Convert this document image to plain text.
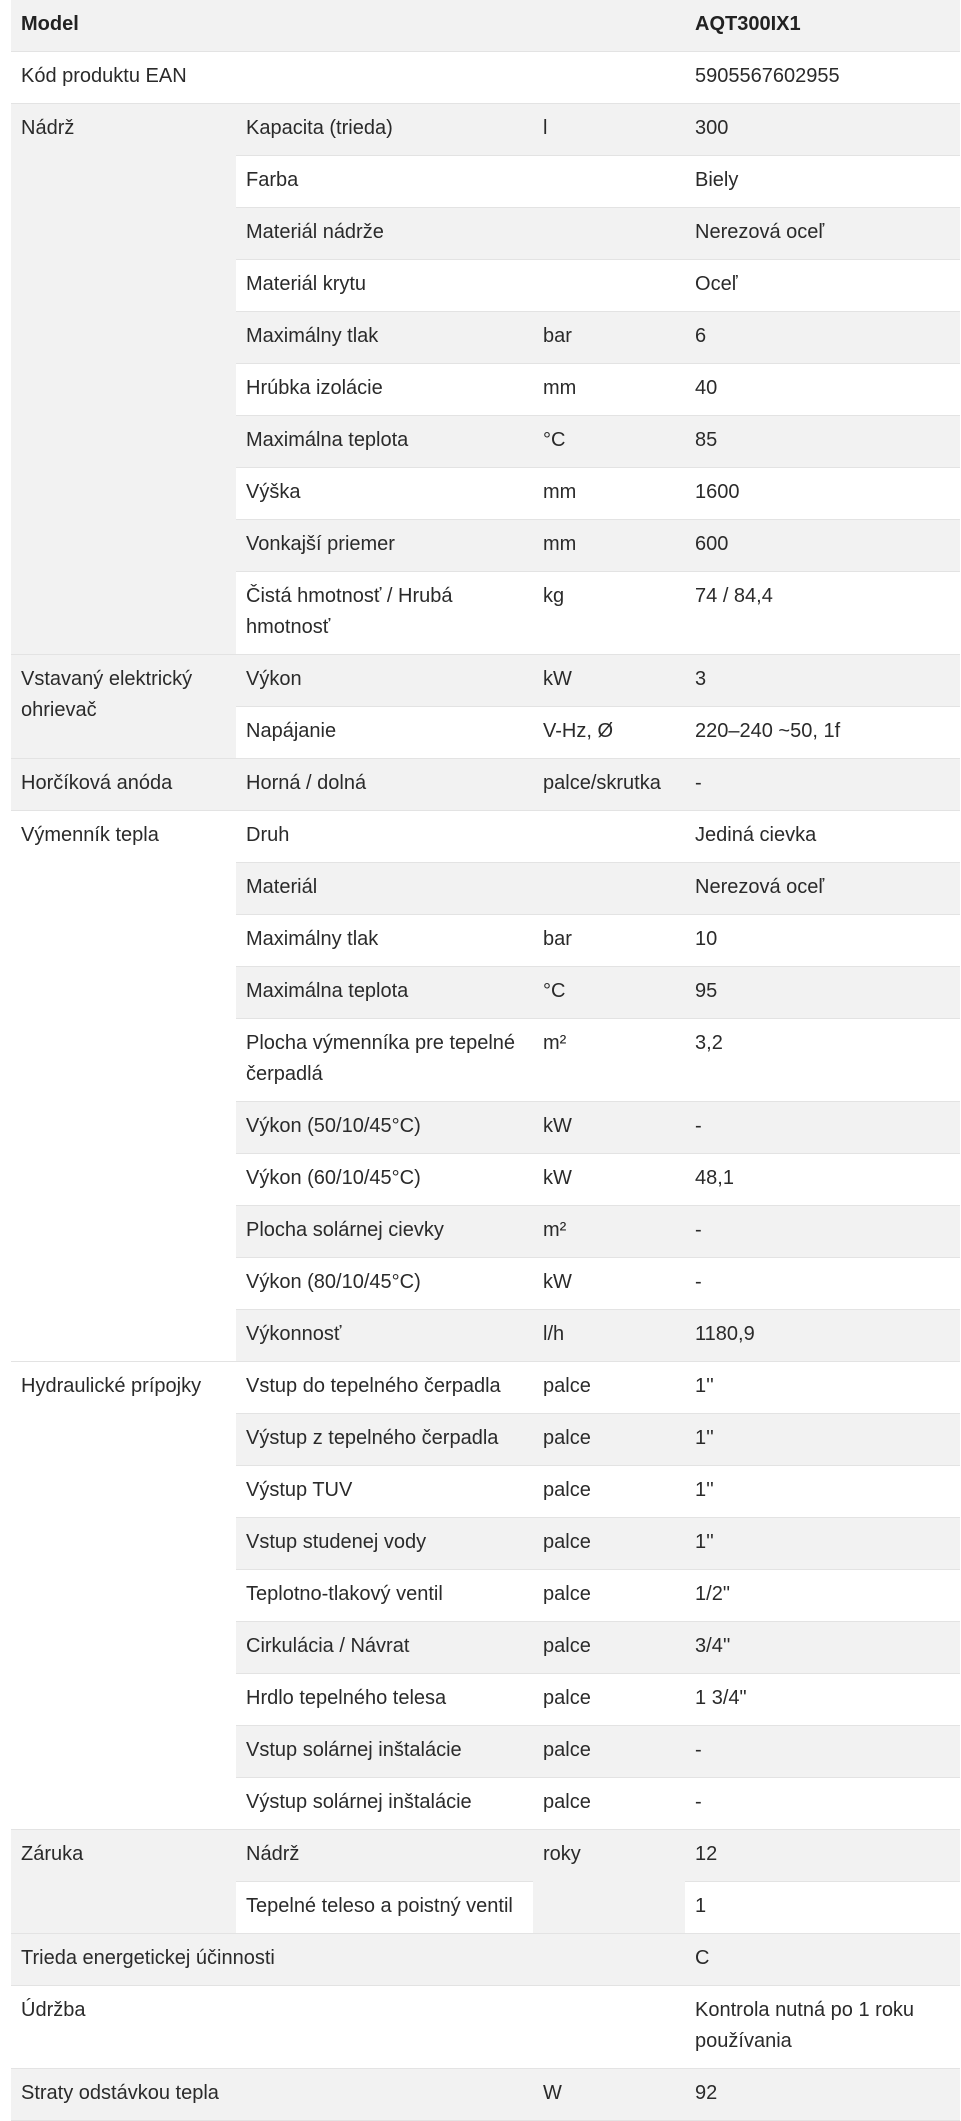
Model			AQT300IX1
Kód produktu EAN			5905567602955
Nádrž	Kapacita (trieda)	l	300
	Farba		Biely
	Materiál nádrže		Nerezová oceľ
	Materiál krytu		Oceľ
	Maximálny tlak	bar	6
	Hrúbka izolácie	mm	40
	Maximálna teplota	°C	85
	Výška	mm	1600
	Vonkajší priemer	mm	600
	Čistá hmotnosť / Hrubá hmotnosť	kg	74 / 84,4
Vstavaný elektrický ohrievač	Výkon	kW	3
	Napájanie	V-Hz, Ø	220–240 ~50, 1f
Horčíková anóda	Horná / dolná	palce/skrutka	-
Výmenník tepla	Druh		Jediná cievka
	Materiál		Nerezová oceľ
	Maximálny tlak	bar	10
	Maximálna teplota	°C	95
	Plocha výmenníka pre tepelné čerpadlá	m²	3,2
	Výkon (50/10/45°C)	kW	-
	Výkon (60/10/45°C)	kW	48,1
	Plocha solárnej cievky	m²	-
	Výkon (80/10/45°C)	kW	-
	Výkonnosť	l/h	1180,9
Hydraulické prípojky	Vstup do tepelného čerpadla	palce	1''
	Výstup z tepelného čerpadla	palce	1''
	Výstup TUV	palce	1''
	Vstup studenej vody	palce	1''
	Teplotno-tlakový ventil	palce	1/2"
	Cirkulácia / Návrat	palce	3/4''
	Hrdlo tepelného telesa	palce	1 3/4"
	Vstup solárnej inštalácie	palce	-
	Výstup solárnej inštalácie	palce	-
Záruka	Nádrž	roky	12
	Tepelné teleso a poistný ventil		1
Trieda energetickej účinnosti			C
Údržba			Kontrola nutná po 1 roku používania
Straty odstávkou tepla		W	92
